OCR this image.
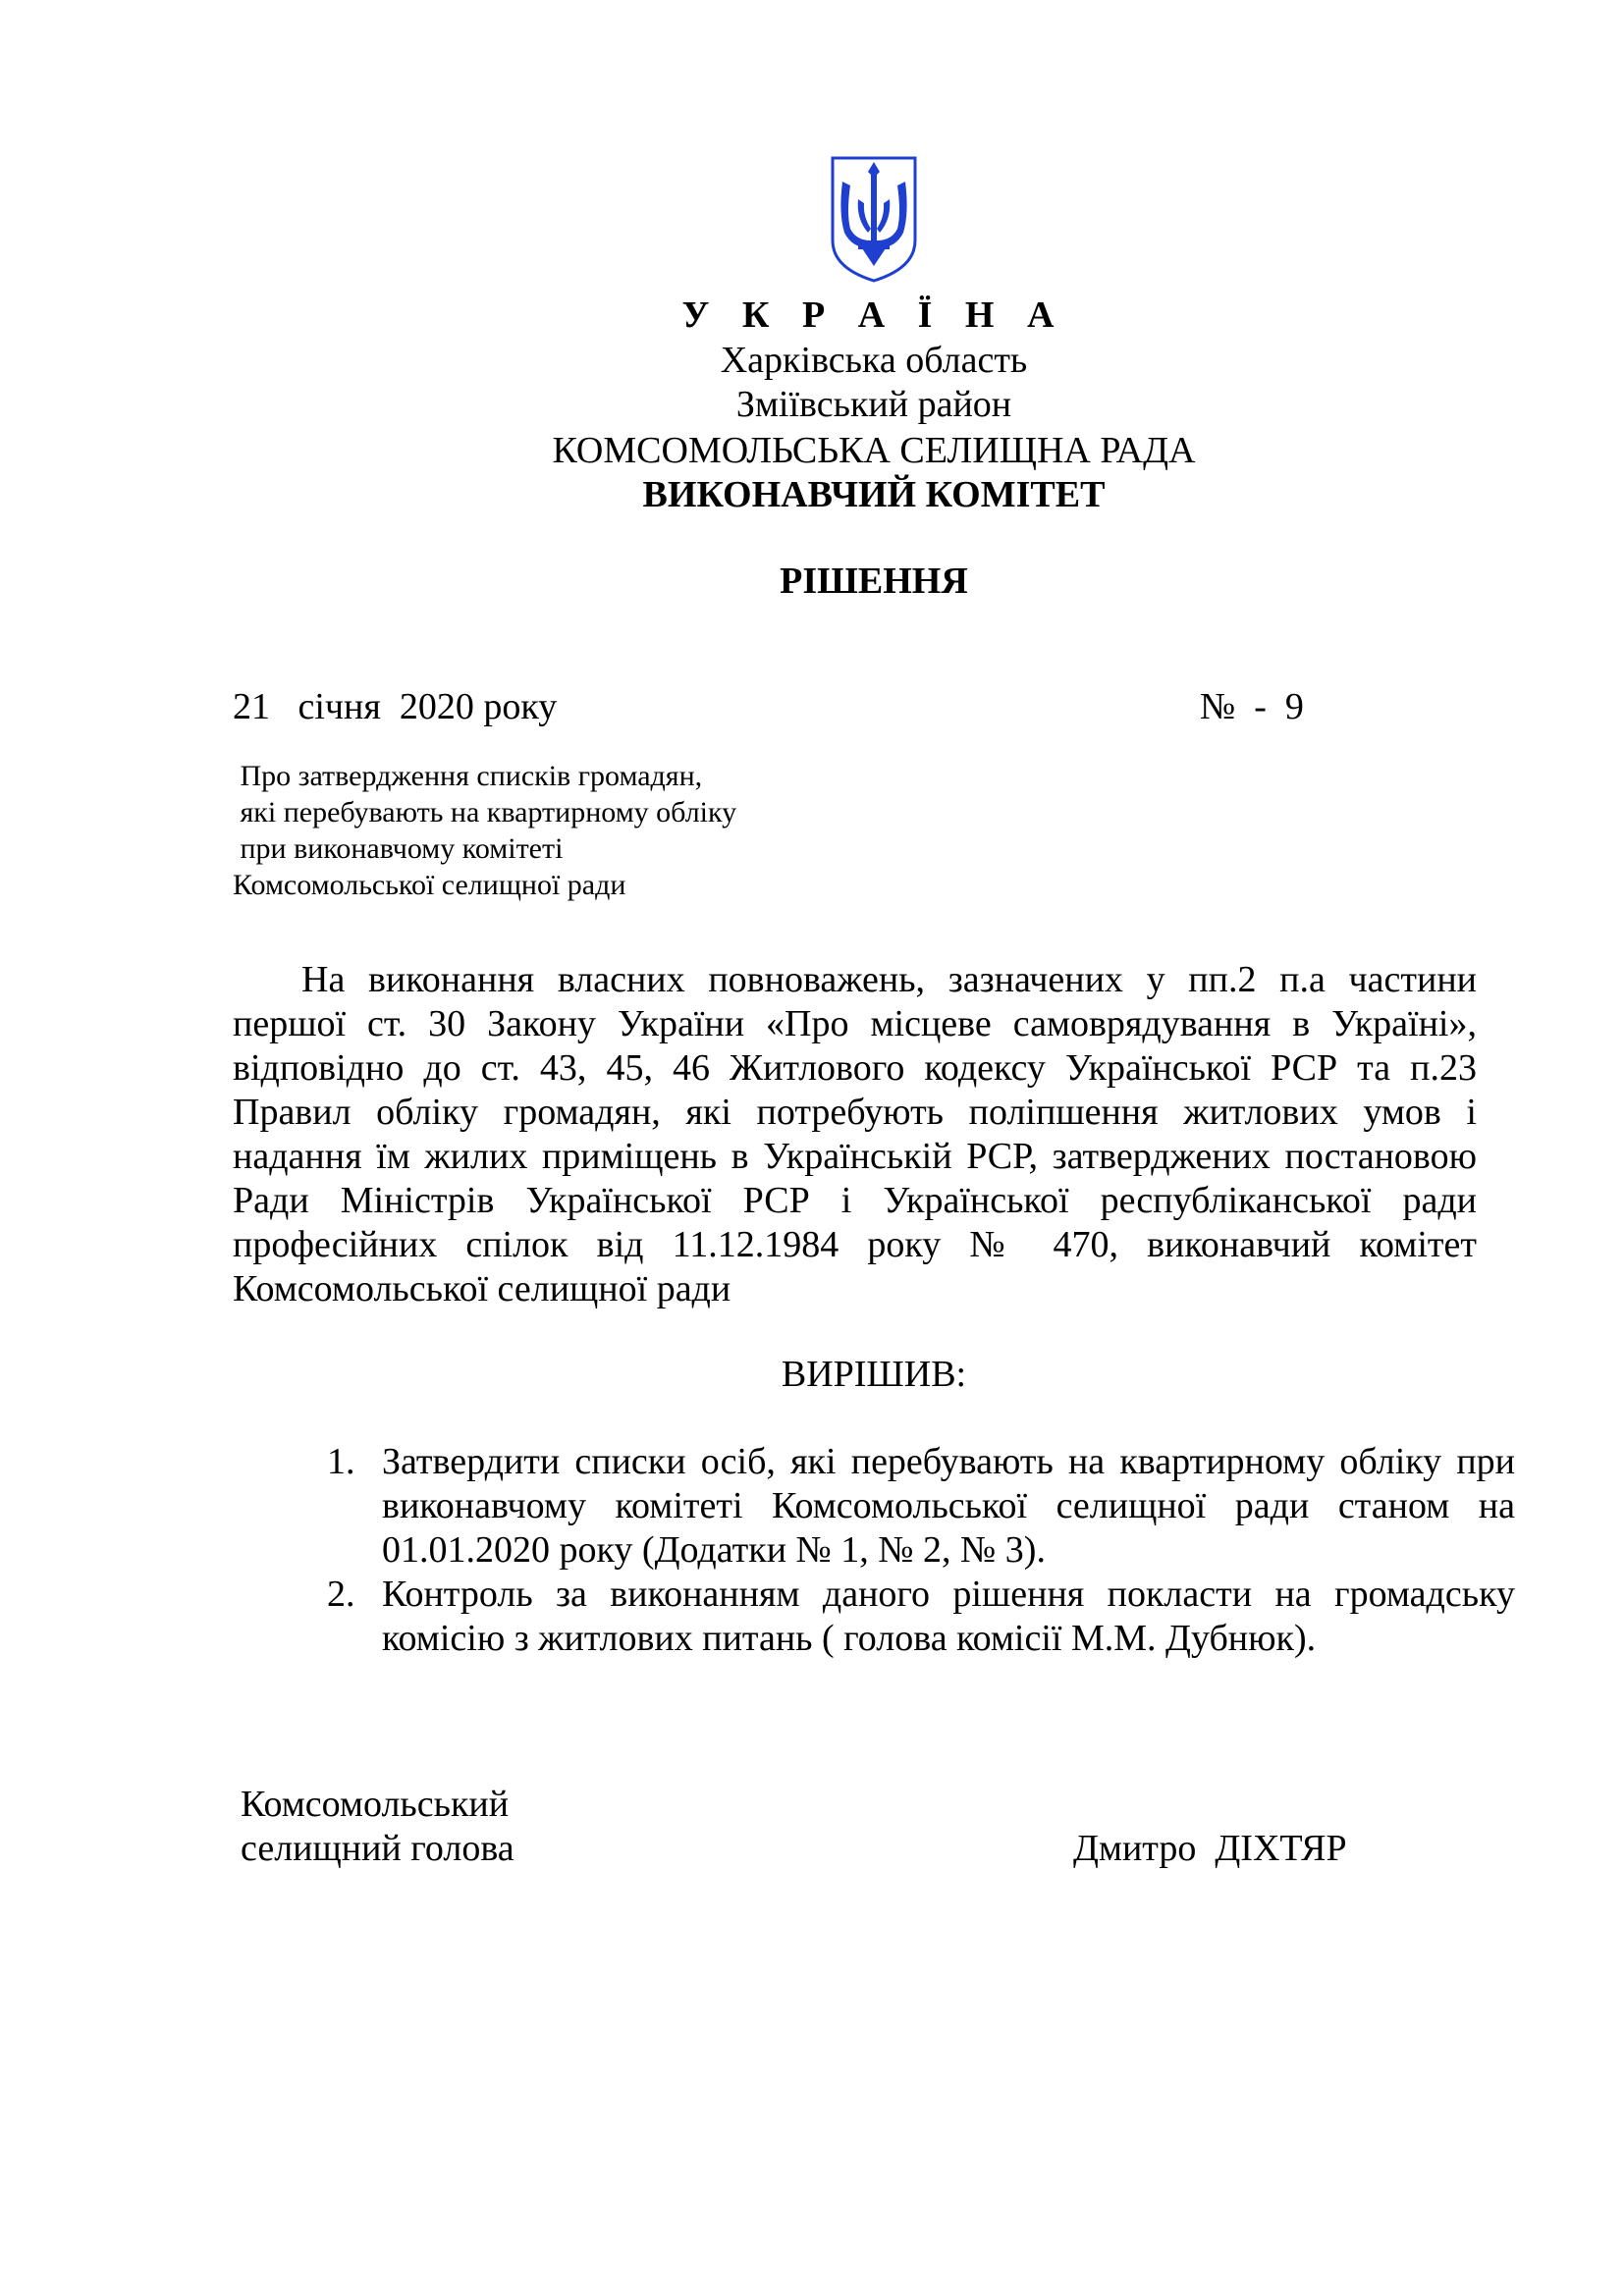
У К Р А Ї Н А
Харківська область
Зміївський район
КОМСОМОЛЬСЬКА СЕЛИЩНА РАДА
ВИКОНАВЧИЙ КОМІТЕТ
РІШЕННЯ
21   січня  2020 року	№  -  9
Про затвердження списків громадян,
які перебувають на квартирному обліку
при виконавчому комітеті
Комсомольської селищної ради
На виконання власних повноважень, зазначених у пп.2 п.а частини першої ст. 30 Закону України «Про місцеве самоврядування в Україні», відповідно до ст. 43, 45, 46 Житлового кодексу Української РСР та п.23 Правил обліку громадян, які потребують поліпшення житлових умов і надання їм жилих приміщень в Українській РСР, затверджених постановою Ради Міністрів Української РСР і Української республіканської ради професійних спілок від 11.12.1984 року № 470, виконавчий комітет Комсомольської селищної ради
ВИРІШИВ:
1. Затвердити списки осіб, які перебувають на квартирному обліку при виконавчому комітеті Комсомольської селищної ради станом на 01.01.2020 року (Додатки № 1, № 2, № 3).
2. Контроль за виконанням даного рішення покласти на громадську комісію з житлових питань ( голова комісії М.М. Дубнюк).
Комсомольський
селищний голова	Дмитро  ДІХТЯР
